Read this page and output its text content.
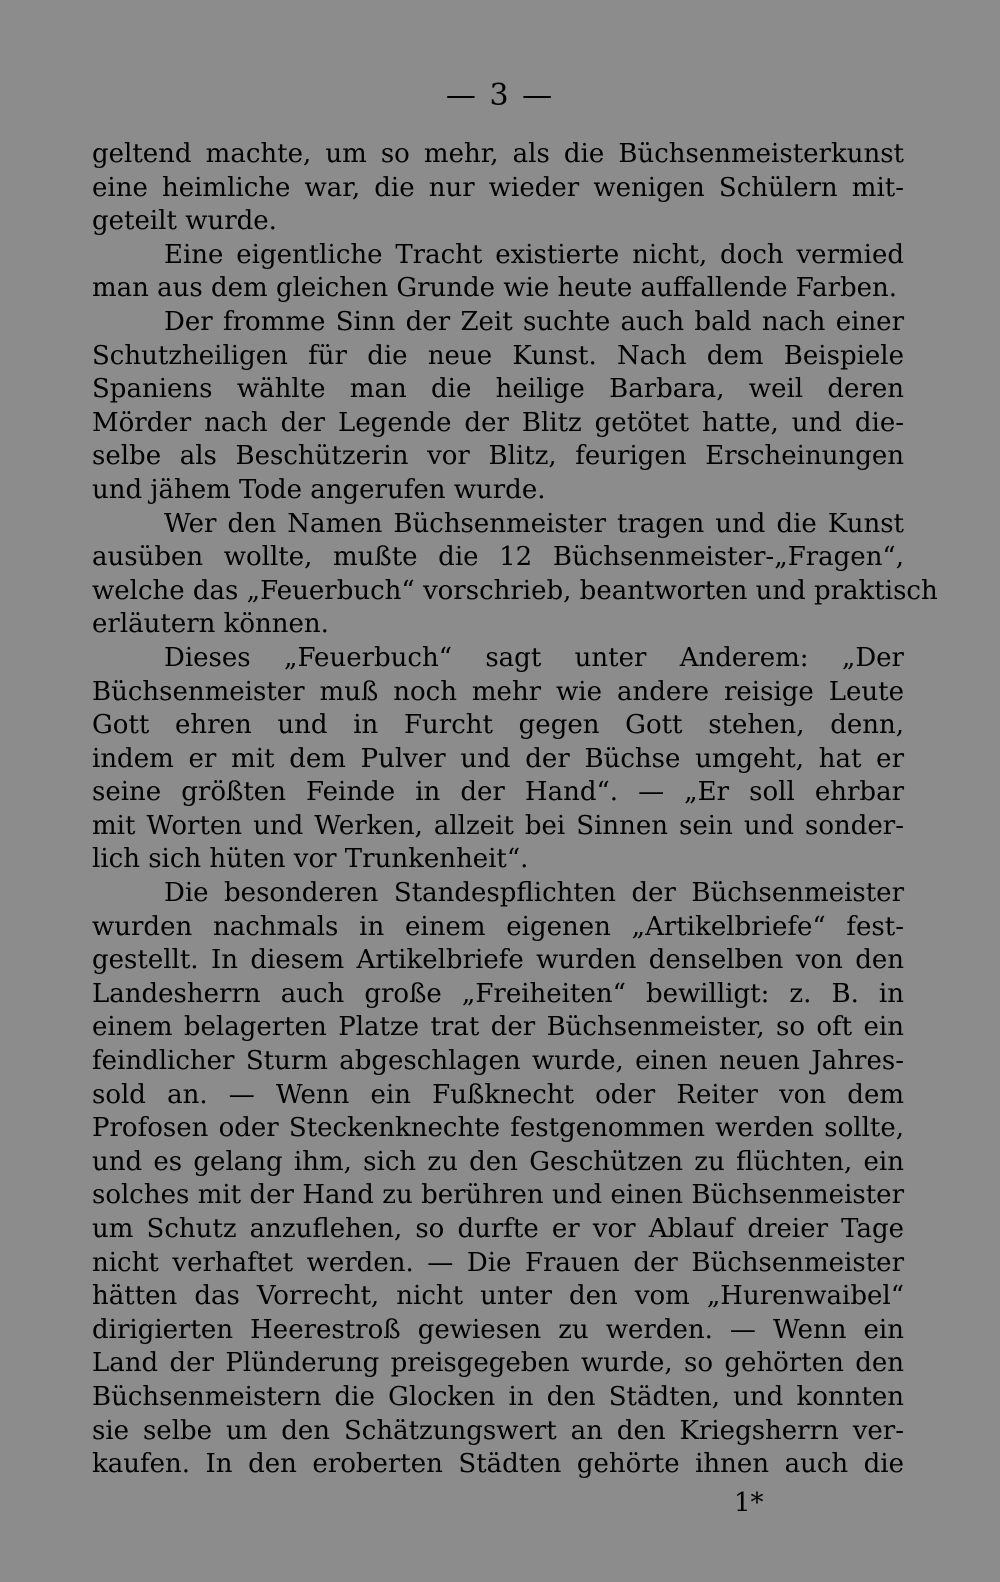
— 3 —
geltend machte, um so mehr, als die Büchsenmeisterkunst
eine heimliche war, die nur wieder wenigen Schülern mit-
geteilt wurde.
Eine eigentliche Tracht existierte nicht, doch vermied
man aus dem gleichen Grunde wie heute auffallende Farben.
Der fromme Sinn der Zeit suchte auch bald nach einer
Schutzheiligen für die neue Kunst. Nach dem Beispiele
Spaniens wählte man die heilige Barbara, weil deren
Mörder nach der Legende der Blitz getötet hatte, und die-
selbe als Beschützerin vor Blitz, feurigen Erscheinungen
und jähem Tode angerufen wurde.
Wer den Namen Büchsenmeister tragen und die Kunst
ausüben wollte, mußte die 12 Büchsenmeister-„Fragen“,
welche das „Feuerbuch“ vorschrieb, beantworten und praktisch
erläutern können.
Dieses „Feuerbuch“ sagt unter Anderem: „Der
Büchsenmeister muß noch mehr wie andere reisige Leute
Gott ehren und in Furcht gegen Gott stehen, denn,
indem er mit dem Pulver und der Büchse umgeht, hat er
seine größten Feinde in der Hand“. — „Er soll ehrbar
mit Worten und Werken, allzeit bei Sinnen sein und sonder-
lich sich hüten vor Trunkenheit“.
Die besonderen Standespflichten der Büchsenmeister
wurden nachmals in einem eigenen „Artikelbriefe“ fest-
gestellt. In diesem Artikelbriefe wurden denselben von den
Landesherrn auch große „Freiheiten“ bewilligt: z. B. in
einem belagerten Platze trat der Büchsenmeister, so oft ein
feindlicher Sturm abgeschlagen wurde, einen neuen Jahres-
sold an. — Wenn ein Fußknecht oder Reiter von dem
Profosen oder Steckenknechte festgenommen werden sollte,
und es gelang ihm, sich zu den Geschützen zu flüchten, ein
solches mit der Hand zu berühren und einen Büchsenmeister
um Schutz anzuflehen, so durfte er vor Ablauf dreier Tage
nicht verhaftet werden. — Die Frauen der Büchsenmeister
hätten das Vorrecht, nicht unter den vom „Hurenwaibel“
dirigierten Heerestroß gewiesen zu werden. — Wenn ein
Land der Plünderung preisgegeben wurde, so gehörten den
Büchsenmeistern die Glocken in den Städten, und konnten
sie selbe um den Schätzungswert an den Kriegsherrn ver-
kaufen. In den eroberten Städten gehörte ihnen auch die
1*
